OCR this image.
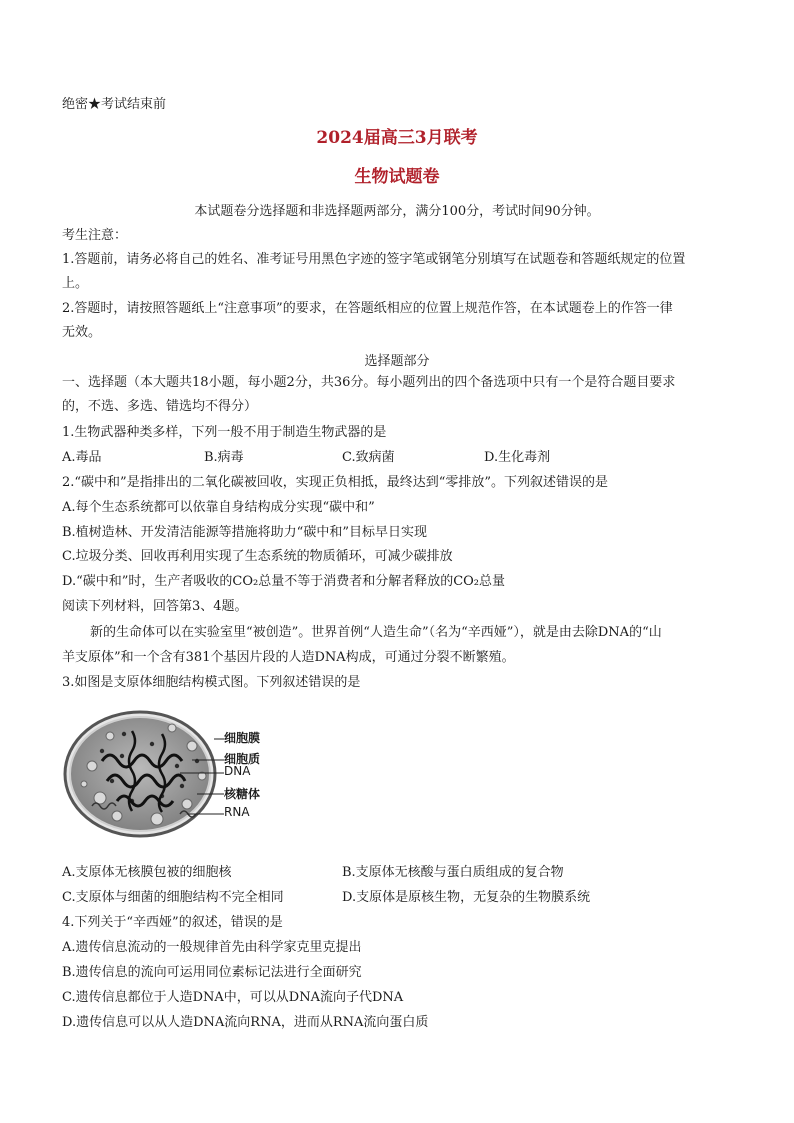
绝密★考试结束前
2024届高三3月联考
生物试题卷
本试题卷分选择题和非选择题两部分，满分100分，考试时间90分钟。
考生注意：
1.答题前，请务必将自己的姓名、准考证号用黑色字迹的签字笔或钢笔分别填写在试题卷和答题纸规定的位置
上。
2.答题时，请按照答题纸上“注意事项”的要求，在答题纸相应的位置上规范作答，在本试题卷上的作答一律
无效。
选择题部分
一、选择题（本大题共18小题，每小题2分，共36分。每小题列出的四个备选项中只有一个是符合题目要求
的，不选、多选、错选均不得分）
1.生物武器种类多样，下列一般不用于制造生物武器的是
A.毒品	B.病毒	C.致病菌	D.生化毒剂
2.“碳中和”是指排出的二氧化碳被回收，实现正负相抵，最终达到“零排放”。下列叙述错误的是
A.每个生态系统都可以依靠自身结构成分实现“碳中和”
B.植树造林、开发清洁能源等措施将助力“碳中和”目标早日实现
C.垃圾分类、回收再利用实现了生态系统的物质循环，可减少碳排放
D.“碳中和”时，生产者吸收的CO₂总量不等于消费者和分解者释放的CO₂总量
阅读下列材料，回答第3、4题。
新的生命体可以在实验室里“被创造”。世界首例“人造生命”（名为“辛西娅”），就是由去除DNA的“山
羊支原体”和一个含有381个基因片段的人造DNA构成，可通过分裂不断繁殖。
3.如图是支原体细胞结构模式图。下列叙述错误的是
细胞膜
细胞质
DNA
核糖体
RNA
A.支原体无核膜包被的细胞核	B.支原体无核酸与蛋白质组成的复合物
C.支原体与细菌的细胞结构不完全相同	D.支原体是原核生物，无复杂的生物膜系统
4.下列关于“辛西娅”的叙述，错误的是
A.遗传信息流动的一般规律首先由科学家克里克提出
B.遗传信息的流向可运用同位素标记法进行全面研究
C.遗传信息都位于人造DNA中，可以从DNA流向子代DNA
D.遗传信息可以从人造DNA流向RNA，进而从RNA流向蛋白质
